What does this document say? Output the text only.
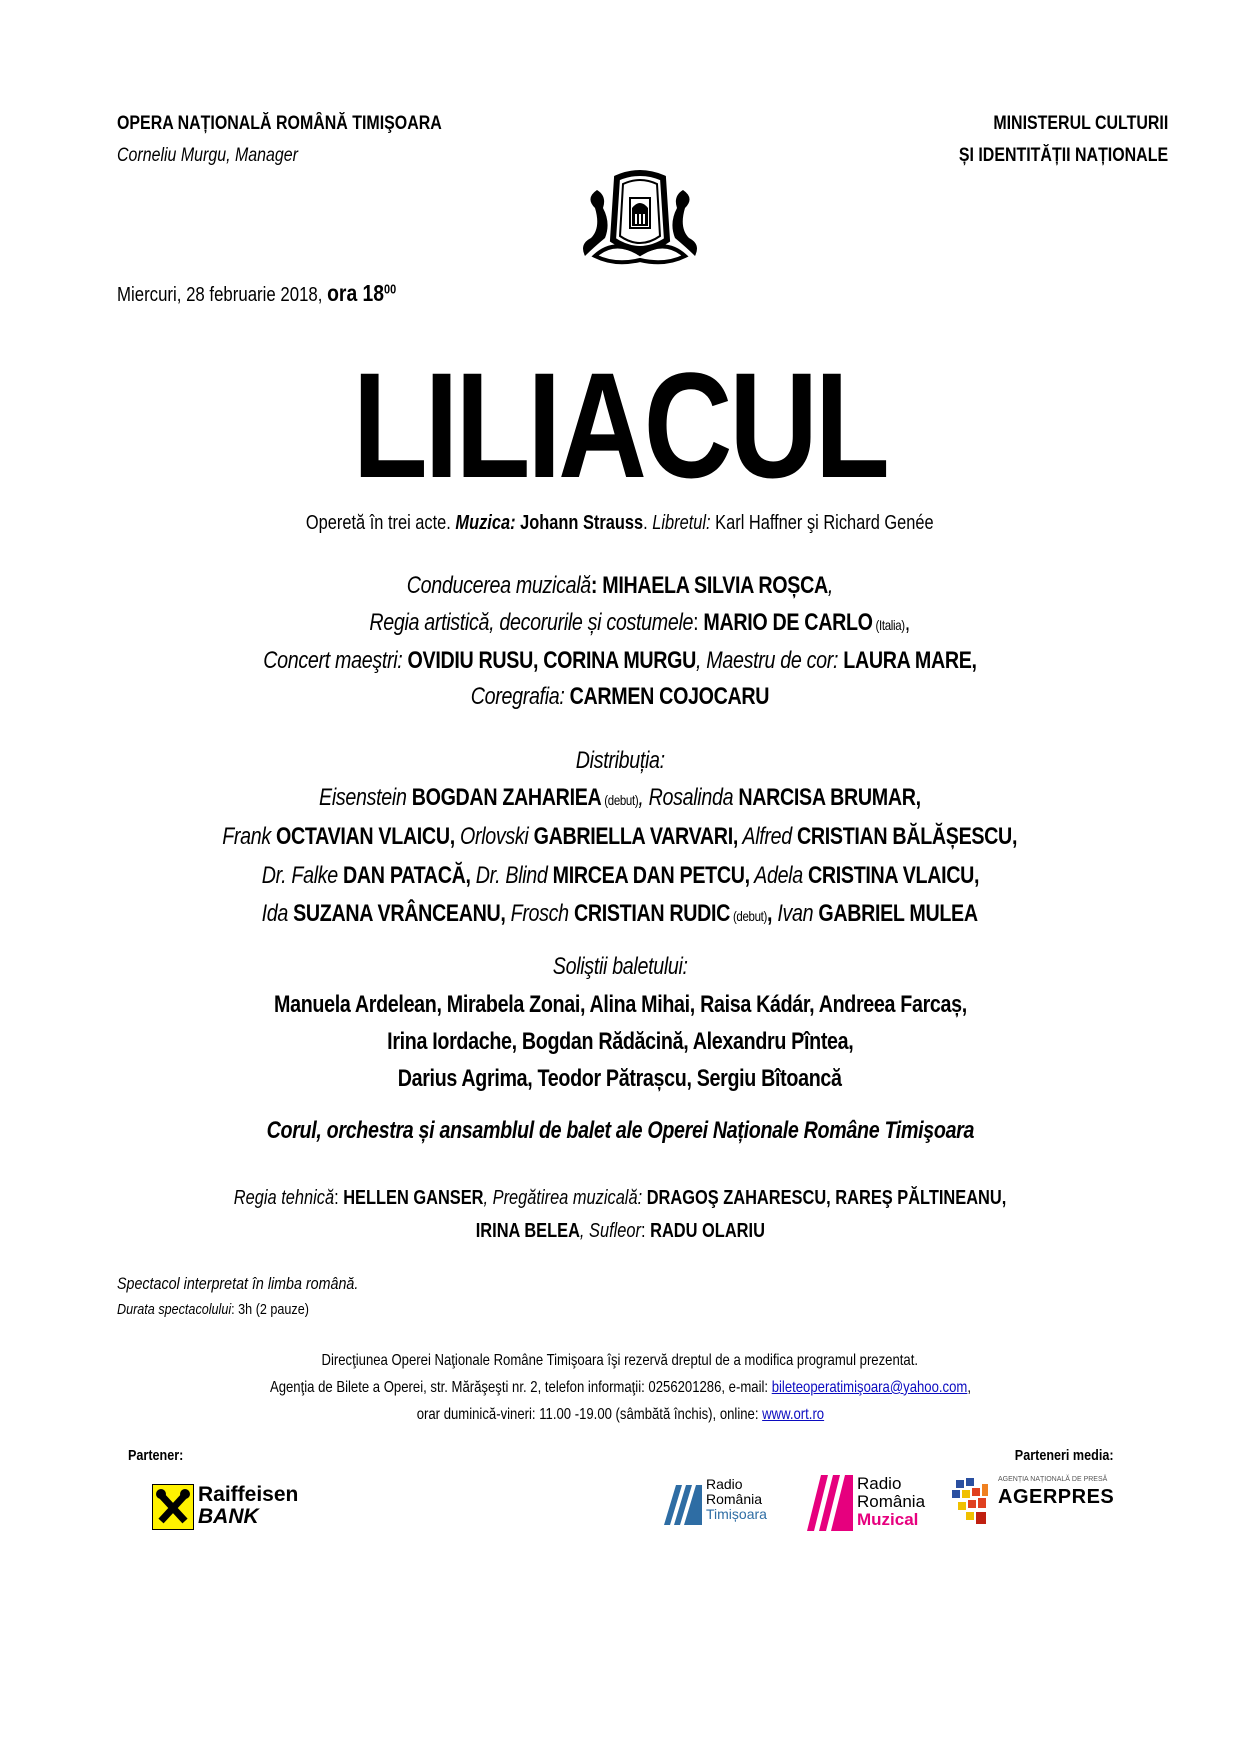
OPERA NAȚIONALĂ ROMÂNĂ TIMIŞOARA
Corneliu Murgu, Manager
MINISTERUL CULTURII
ȘI IDENTITĂȚII NAȚIONALE
Miercuri, 28 februarie 2018, ora $18^{00}$
LILIACUL
Operetă în trei acte. Muzica: Johann Strauss. Libretul: Karl Haffner şi Richard Genée
Conducerea muzicală: MIHAELA SILVIA ROȘCA,
Regia artistică, decorurile și costumele: MARIO DE CARLO (Italia),
Concert maeştri: OVIDIU RUSU, CORINA MURGU, Maestru de cor: LAURA MARE,
Coregrafia: CARMEN COJOCARU
Distribuția:
Eisenstein BOGDAN ZAHARIEA (debut), Rosalinda NARCISA BRUMAR,
Frank OCTAVIAN VLAICU, Orlovski GABRIELLA VARVARI, Alfred CRISTIAN BĂLĂȘESCU,
Dr. Falke DAN PATACĂ, Dr. Blind MIRCEA DAN PETCU, Adela CRISTINA VLAICU,
Ida SUZANA VRÂNCEANU, Frosch CRISTIAN RUDIC (debut), Ivan GABRIEL MULEA
Soliştii baletului:
Manuela Ardelean, Mirabela Zonai, Alina Mihai, Raisa Kádár, Andreea Farcaș,
Irina Iordache, Bogdan Rădăcină, Alexandru Pîntea,
Darius Agrima, Teodor Pătrașcu, Sergiu Bîtoancă
Corul, orchestra și ansamblul de balet ale Operei Naționale Române Timişoara
Regia tehnică: HELLEN GANSER, Pregătirea muzicală: DRAGOŞ ZAHARESCU, RAREŞ PĂLTINEANU,
IRINA BELEA, Sufleor: RADU OLARIU
Spectacol interpretat în limba română.
Durata spectacolului: 3h (2 pauze)
Direcţiunea Operei Naţionale Române Timişoara îşi rezervă dreptul de a modifica programul prezentat.
Agenţia de Bilete a Operei, str. Mărăşeşti nr. 2, telefon informaţii: 0256201286, e-mail: bileteoperatimişoara@yahoo.com,
orar duminică-vineri: 11.00 -19.00 (sâmbătă închis), online: www.ort.ro
Partener:	Parteneri media:
Raiffeisen
BANK
Radio
România
Timișoara
Radio
România
Muzical
AGENȚIA NAȚIONALĂ DE PRESĂ
AGERPRES
